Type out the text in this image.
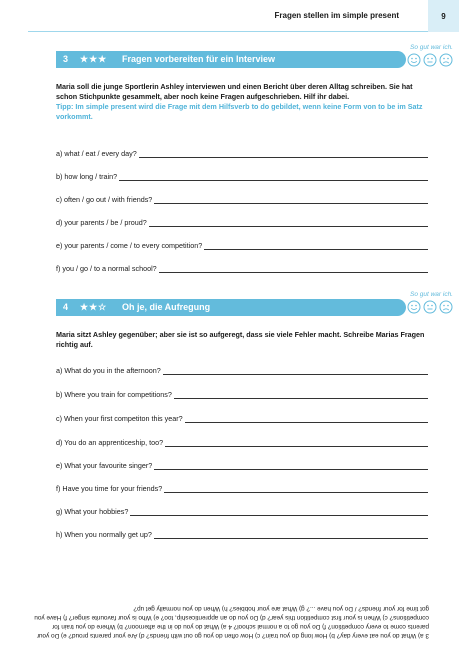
Fragen stellen im simple present	9
So gut war ich.
3 ★★★ Fragen vorbereiten für ein Interview
Maria soll die junge Sportlerin Ashley interviewen und einen Bericht über deren Alltag schreiben. Sie hat schon Stichpunkte gesammelt, aber noch keine Fragen aufgeschrieben. Hilf ihr dabei.
Tipp: Im simple present wird die Frage mit dem Hilfsverb to do gebildet, wenn keine Form von to be im Satz vorkommt.
a) what / eat / every day?
b) how long / train?
c) often / go out / with friends?
d) your parents / be / proud?
e) your parents / come / to every competition?
f) you / go / to a normal school?
So gut war ich.
4 ★★☆ Oh je, die Aufregung
Maria sitzt Ashley gegenüber; aber sie ist so aufgeregt, dass sie viele Fehler macht. Schreibe Marias Fragen richtig auf.
a) What do you in the afternoon?
b) Where you train for competitions?
c) When your first competiton this year?
d) You do an apprenticeship, too?
e) What your favourite singer?
f) Have you time for your friends?
g) What your hobbies?
h) When you normally get up?
3 a) What do you eat every day? b) How long do you train? c) How often do you go out with friends? d) Are your parents proud? e) Do your parents come to every competition? f) Do you go to a normal school? 4 a) What do you do in the afternoon? b) Where do you train for competitions? c) When is your first competition this year? d) Do you do an apprenticeship, too? e) Who is your favourite singer? f) Have you got time for your friends? / Do you have ...? g) What are your hobbies? h) When do you normally get up?
